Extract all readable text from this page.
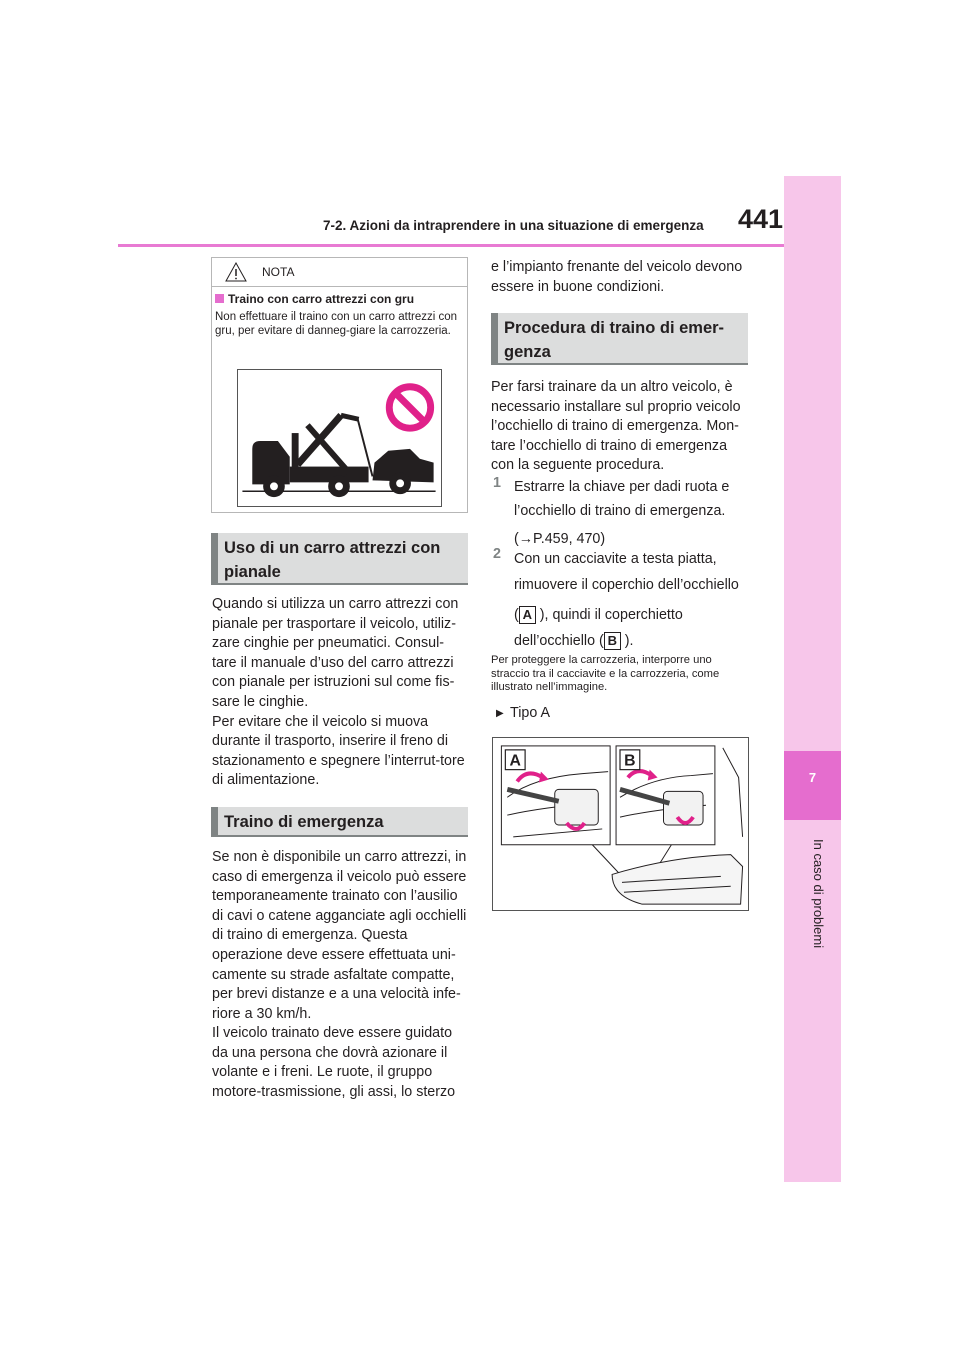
7-2. Azioni da intraprendere in una situazione di emergenza	441
7
In caso di problemi
NOTA
Traino con carro attrezzi con gru
Non effettuare il traino con un carro attrezzi con gru, per evitare di danneg-giare la carrozzeria.
Uso di un carro attrezzi con pianale
Quando si utilizza un carro attrezzi con pianale per trasportare il veicolo, utiliz-zare cinghie per pneumatici. Consul-tare il manuale d’uso del carro attrezzi con pianale per istruzioni sul come fis-sare le cinghie.
Per evitare che il veicolo si muova durante il trasporto, inserire il freno di stazionamento e spegnere l’interrut-tore di alimentazione.
Traino di emergenza
Se non è disponibile un carro attrezzi, in caso di emergenza il veicolo può essere temporaneamente trainato con l’ausilio di cavi o catene agganciate agli occhielli di traino di emergenza. Questa operazione deve essere effettuata uni-camente su strade asfaltate compatte, per brevi distanze e a una velocità infe-riore a 30 km/h.
Il veicolo trainato deve essere guidato da una persona che dovrà azionare il volante e i freni. Le ruote, il gruppo motore-trasmissione, gli assi, lo sterzo
e l’impianto frenante del veicolo devono essere in buone condizioni.
Procedura di traino di emer-genza
Per farsi trainare da un altro veicolo, è necessario installare sul proprio veicolo l’occhiello di traino di emergenza. Mon-tare l’occhiello di traino di emergenza con la seguente procedura.
1 Estrarre la chiave per dadi ruota e l’occhiello di traino di emergenza.
(→P.459, 470)
2 Con un cacciavite a testa piatta, rimuovere il coperchio dell’occhiello
( A ), quindi il coperchietto dell’occhiello ( B ).
Per proteggere la carrozzeria, interporre uno straccio tra il cacciavite e la carrozzeria, come illustrato nell’immagine.
▶ Tipo A
A	B
